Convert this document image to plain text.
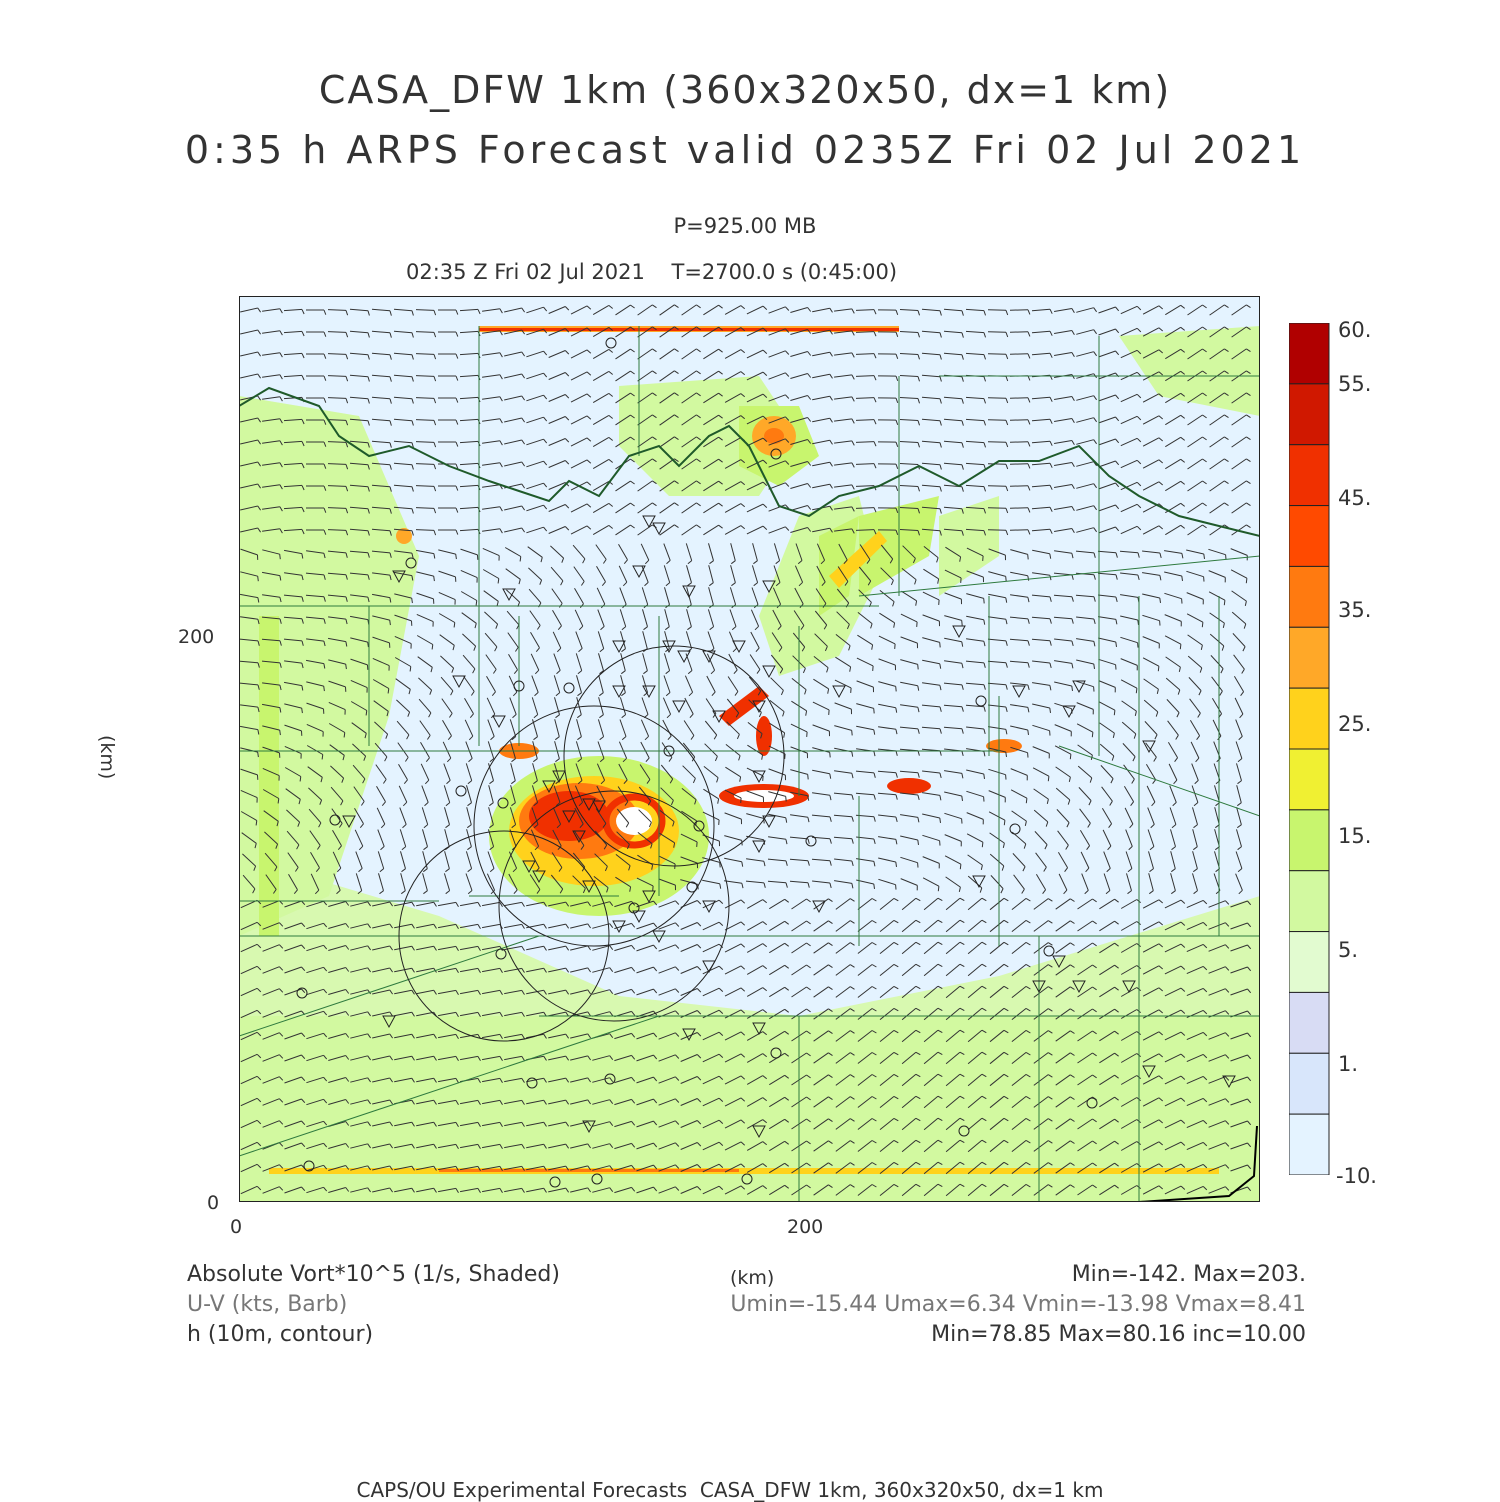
CASA_DFW 1km (360x320x50, dx=1 km)
0:35 h ARPS Forecast valid 0235Z Fri 02 Jul 2021
P=925.00 MB
02:35 Z Fri 02 Jul 2021    T=2700.0 s (0:45:00)
200
0
0	200
(km)
(km)
60.
55.
45.
35.
25.
15.
5.
1.
-10.
Absolute Vort*10^5 (1/s, Shaded)	Min=-142. Max=203.
U-V (kts, Barb)	Umin=-15.44 Umax=6.34 Vmin=-13.98 Vmax=8.41
h (10m, contour)	Min=78.85 Max=80.16 inc=10.00
CAPS/OU Experimental Forecasts  CASA_DFW 1km, 360x320x50, dx=1 km
